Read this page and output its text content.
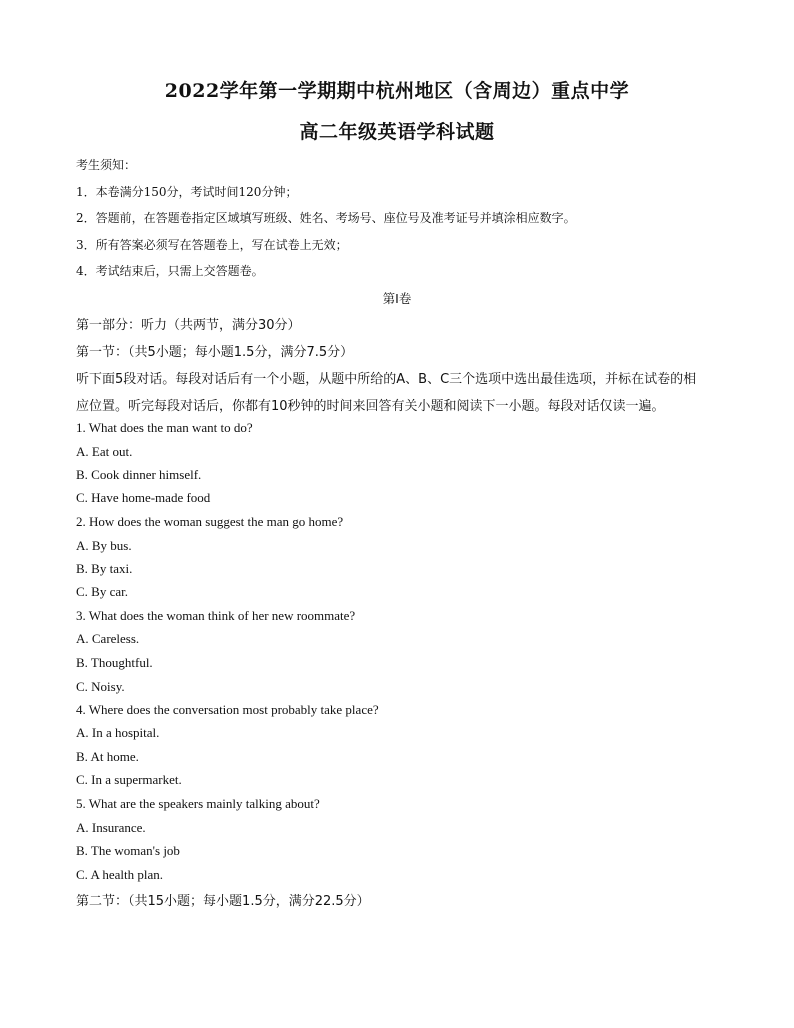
2022学年第一学期期中杭州地区（含周边）重点中学
高二年级英语学科试题
考生须知：
1．本卷满分150分，考试时间120分钟；
2．答题前，在答题卷指定区域填写班级、姓名、考场号、座位号及准考证号并填涂相应数字。
3．所有答案必须写在答题卷上，写在试卷上无效；
4．考试结束后，只需上交答题卷。
第I卷
第一部分：听力（共两节，满分30分）
第一节：（共5小题；每小题1.5分，满分7.5分）
听下面5段对话。每段对话后有一个小题，从题中所给的A、B、C三个选项中选出最佳选项，并标在试卷的相
应位置。听完每段对话后，你都有10秒钟的时间来回答有关小题和阅读下一小题。每段对话仅读一遍。
1. What does the man want to do?
A. Eat out.
B. Cook dinner himself.
C. Have home-made food
2. How does the woman suggest the man go home?
A. By bus.
B. By taxi.
C. By car.
3. What does the woman think of her new roommate?
A. Careless.
B. Thoughtful.
C. Noisy.
4. Where does the conversation most probably take place?
A. In a hospital.
B. At home.
C. In a supermarket.
5. What are the speakers mainly talking about?
A. Insurance.
B. The woman's job
C. A health plan.
第二节：（共15小题；每小题1.5分，满分22.5分）
